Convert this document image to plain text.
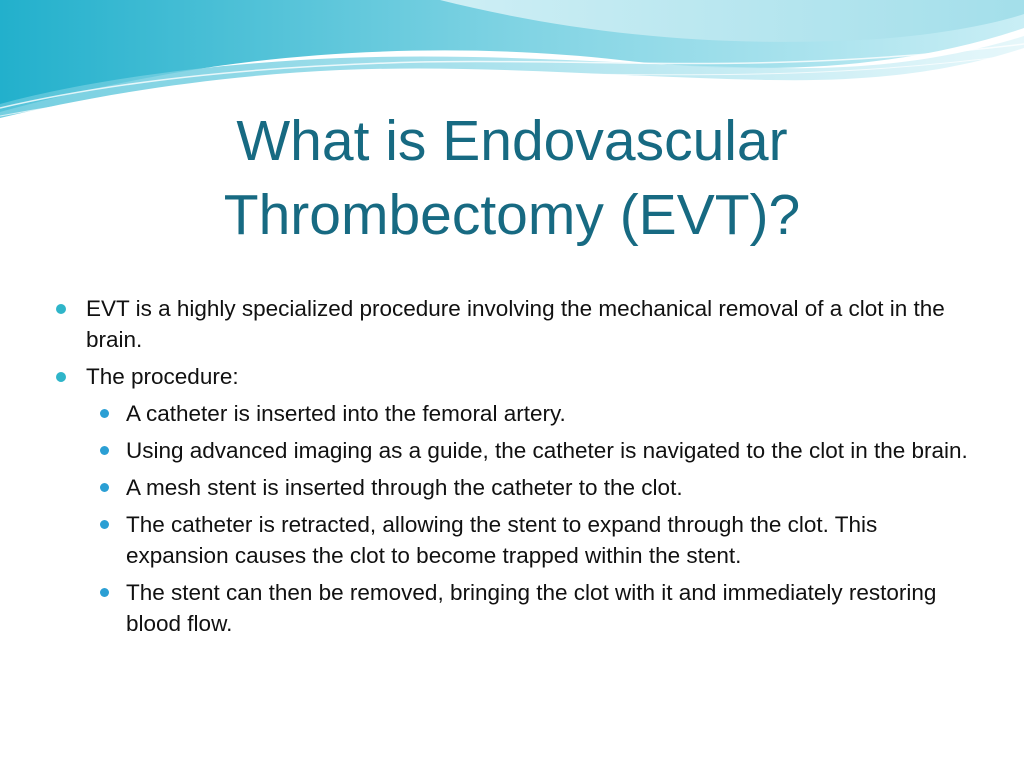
What is Endovascular
Thrombectomy (EVT)?
EVT is a highly specialized procedure involving the mechanical removal of a clot in the brain.
The procedure:
A catheter is inserted into the femoral artery.
Using advanced imaging as a guide, the catheter is navigated to the clot in the brain.
A mesh stent is inserted through the catheter to the clot.
The catheter is retracted, allowing the stent to expand through the clot. This expansion causes the clot to become trapped within the stent.
The stent can then be removed, bringing the clot with it and immediately restoring blood flow.
